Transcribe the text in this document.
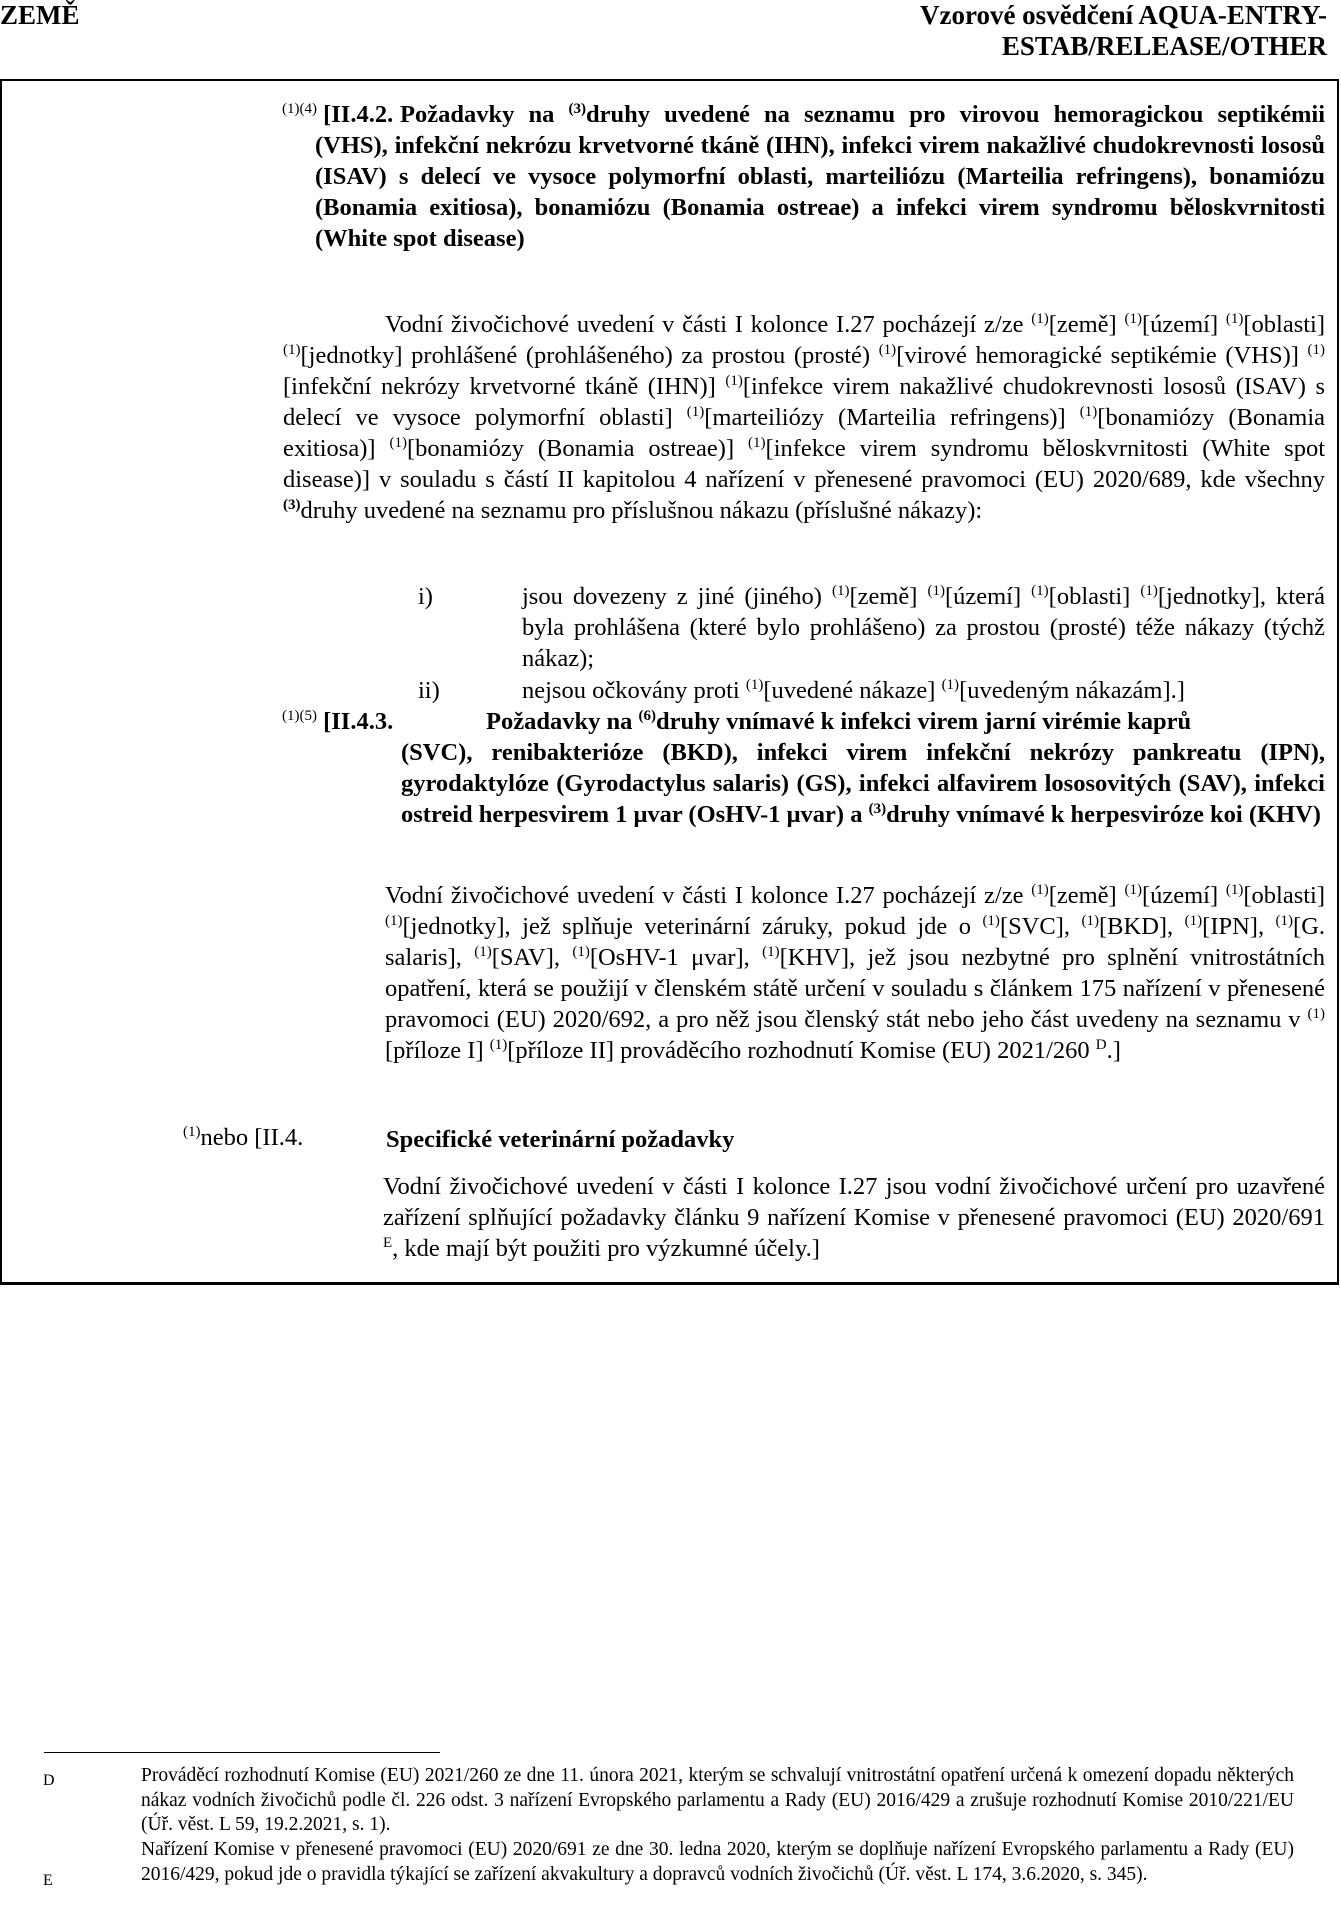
ZEMĚ	Vzorové osvědčení AQUA-ENTRY-
ESTAB/RELEASE/OTHER
$^{(1)(4)}$ [II.4.2. Požadavky na $^{(3)}$druhy uvedené na seznamu pro virovou hemoragickou septikémii (VHS), infekční nekrózu krvetvorné tkáně (IHN), infekci virem nakažlivé chudokrevnosti lososů (ISAV) s delecí ve vysoce polymorfní oblasti, marteiliózu (Marteilia refringens), bonamiózu (Bonamia exitiosa), bonamiózu (Bonamia ostreae) a infekci virem syndromu běloskvrnitosti (White spot disease)
Vodní živočichové uvedení v části I kolonce I.27 pocházejí z/ze $^{(1)}$[země] $^{(1)}$[území] $^{(1)}$[oblasti] $^{(1)}$[jednotky] prohlášené (prohlášeného) za prostou (prosté) $^{(1)}$[virové hemoragické septikémie (VHS)] $^{(1)}$[infekční nekrózy krvetvorné tkáně (IHN)] $^{(1)}$[infekce virem nakažlivé chudokrevnosti lososů (ISAV) s delecí ve vysoce polymorfní oblasti] $^{(1)}$[marteiliózy (Marteilia refringens)] $^{(1)}$[bonamiózy (Bonamia exitiosa)] $^{(1)}$[bonamiózy (Bonamia ostreae)] $^{(1)}$[infekce virem syndromu běloskvrnitosti (White spot disease)] v souladu s částí II kapitolou 4 nařízení v přenesené pravomoci (EU) 2020/689, kde všechny $^{(3)}$druhy uvedené na seznamu pro příslušnou nákazu (příslušné nákazy):
i)	jsou dovezeny z jiné (jiného) $^{(1)}$[země] $^{(1)}$[území] $^{(1)}$[oblasti] $^{(1)}$[jednotky], která byla prohlášena (které bylo prohlášeno) za prostou (prosté) téže nákazy (týchž nákaz);
ii)	nejsou očkovány proti $^{(1)}$[uvedené nákaze] $^{(1)}$[uvedeným nákazám].]
$^{(1)(5)}$ [II.4.3.	Požadavky na $^{(6)}$druhy vnímavé k infekci virem jarní virémie kaprů
(SVC), renibakterióze (BKD), infekci virem infekční nekrózy pankreatu (IPN), gyrodaktylóze (Gyrodactylus salaris) (GS), infekci alfavirem lososovitých (SAV), infekci ostreid herpesvirem 1 μvar (OsHV-1 μvar) a $^{(3)}$druhy vnímavé k herpesviróze koi (KHV)
Vodní živočichové uvedení v části I kolonce I.27 pocházejí z/ze $^{(1)}$[země] $^{(1)}$[území] $^{(1)}$[oblasti] $^{(1)}$[jednotky], jež splňuje veterinární záruky, pokud jde o $^{(1)}$[SVC], $^{(1)}$[BKD], $^{(1)}$[IPN], $^{(1)}$[G. salaris], $^{(1)}$[SAV], $^{(1)}$[OsHV-1 μvar], $^{(1)}$[KHV], jež jsou nezbytné pro splnění vnitrostátních opatření, která se použijí v členském státě určení v souladu s článkem 175 nařízení v přenesené pravomoci (EU) 2020/692, a pro něž jsou členský stát nebo jeho část uvedeny na seznamu v $^{(1)}$[příloze I] $^{(1)}$[příloze II] prováděcího rozhodnutí Komise (EU) 2021/260 $^D$.]
$^{(1)}$nebo [II.4.	Specifické veterinární požadavky
Vodní živočichové uvedení v části I kolonce I.27 jsou vodní živočichové určení pro uzavřené zařízení splňující požadavky článku 9 nařízení Komise v přenesené pravomoci (EU) 2020/691 $^E$, kde mají být použiti pro výzkumné účely.]
D	Prováděcí rozhodnutí Komise (EU) 2021/260 ze dne 11. února 2021, kterým se schvalují vnitrostátní opatření určená k omezení dopadu některých nákaz vodních živočichů podle čl. 226 odst. 3 nařízení Evropského parlamentu a Rady (EU) 2016/429 a zrušuje rozhodnutí Komise 2010/221/EU (Úř. věst. L 59, 19.2.2021, s. 1).
E
Nařízení Komise v přenesené pravomoci (EU) 2020/691 ze dne 30. ledna 2020, kterým se doplňuje nařízení Evropského parlamentu a Rady (EU) 2016/429, pokud jde o pravidla týkající se zařízení akvakultury a dopravců vodních živočichů (Úř. věst. L 174, 3.6.2020, s. 345).
